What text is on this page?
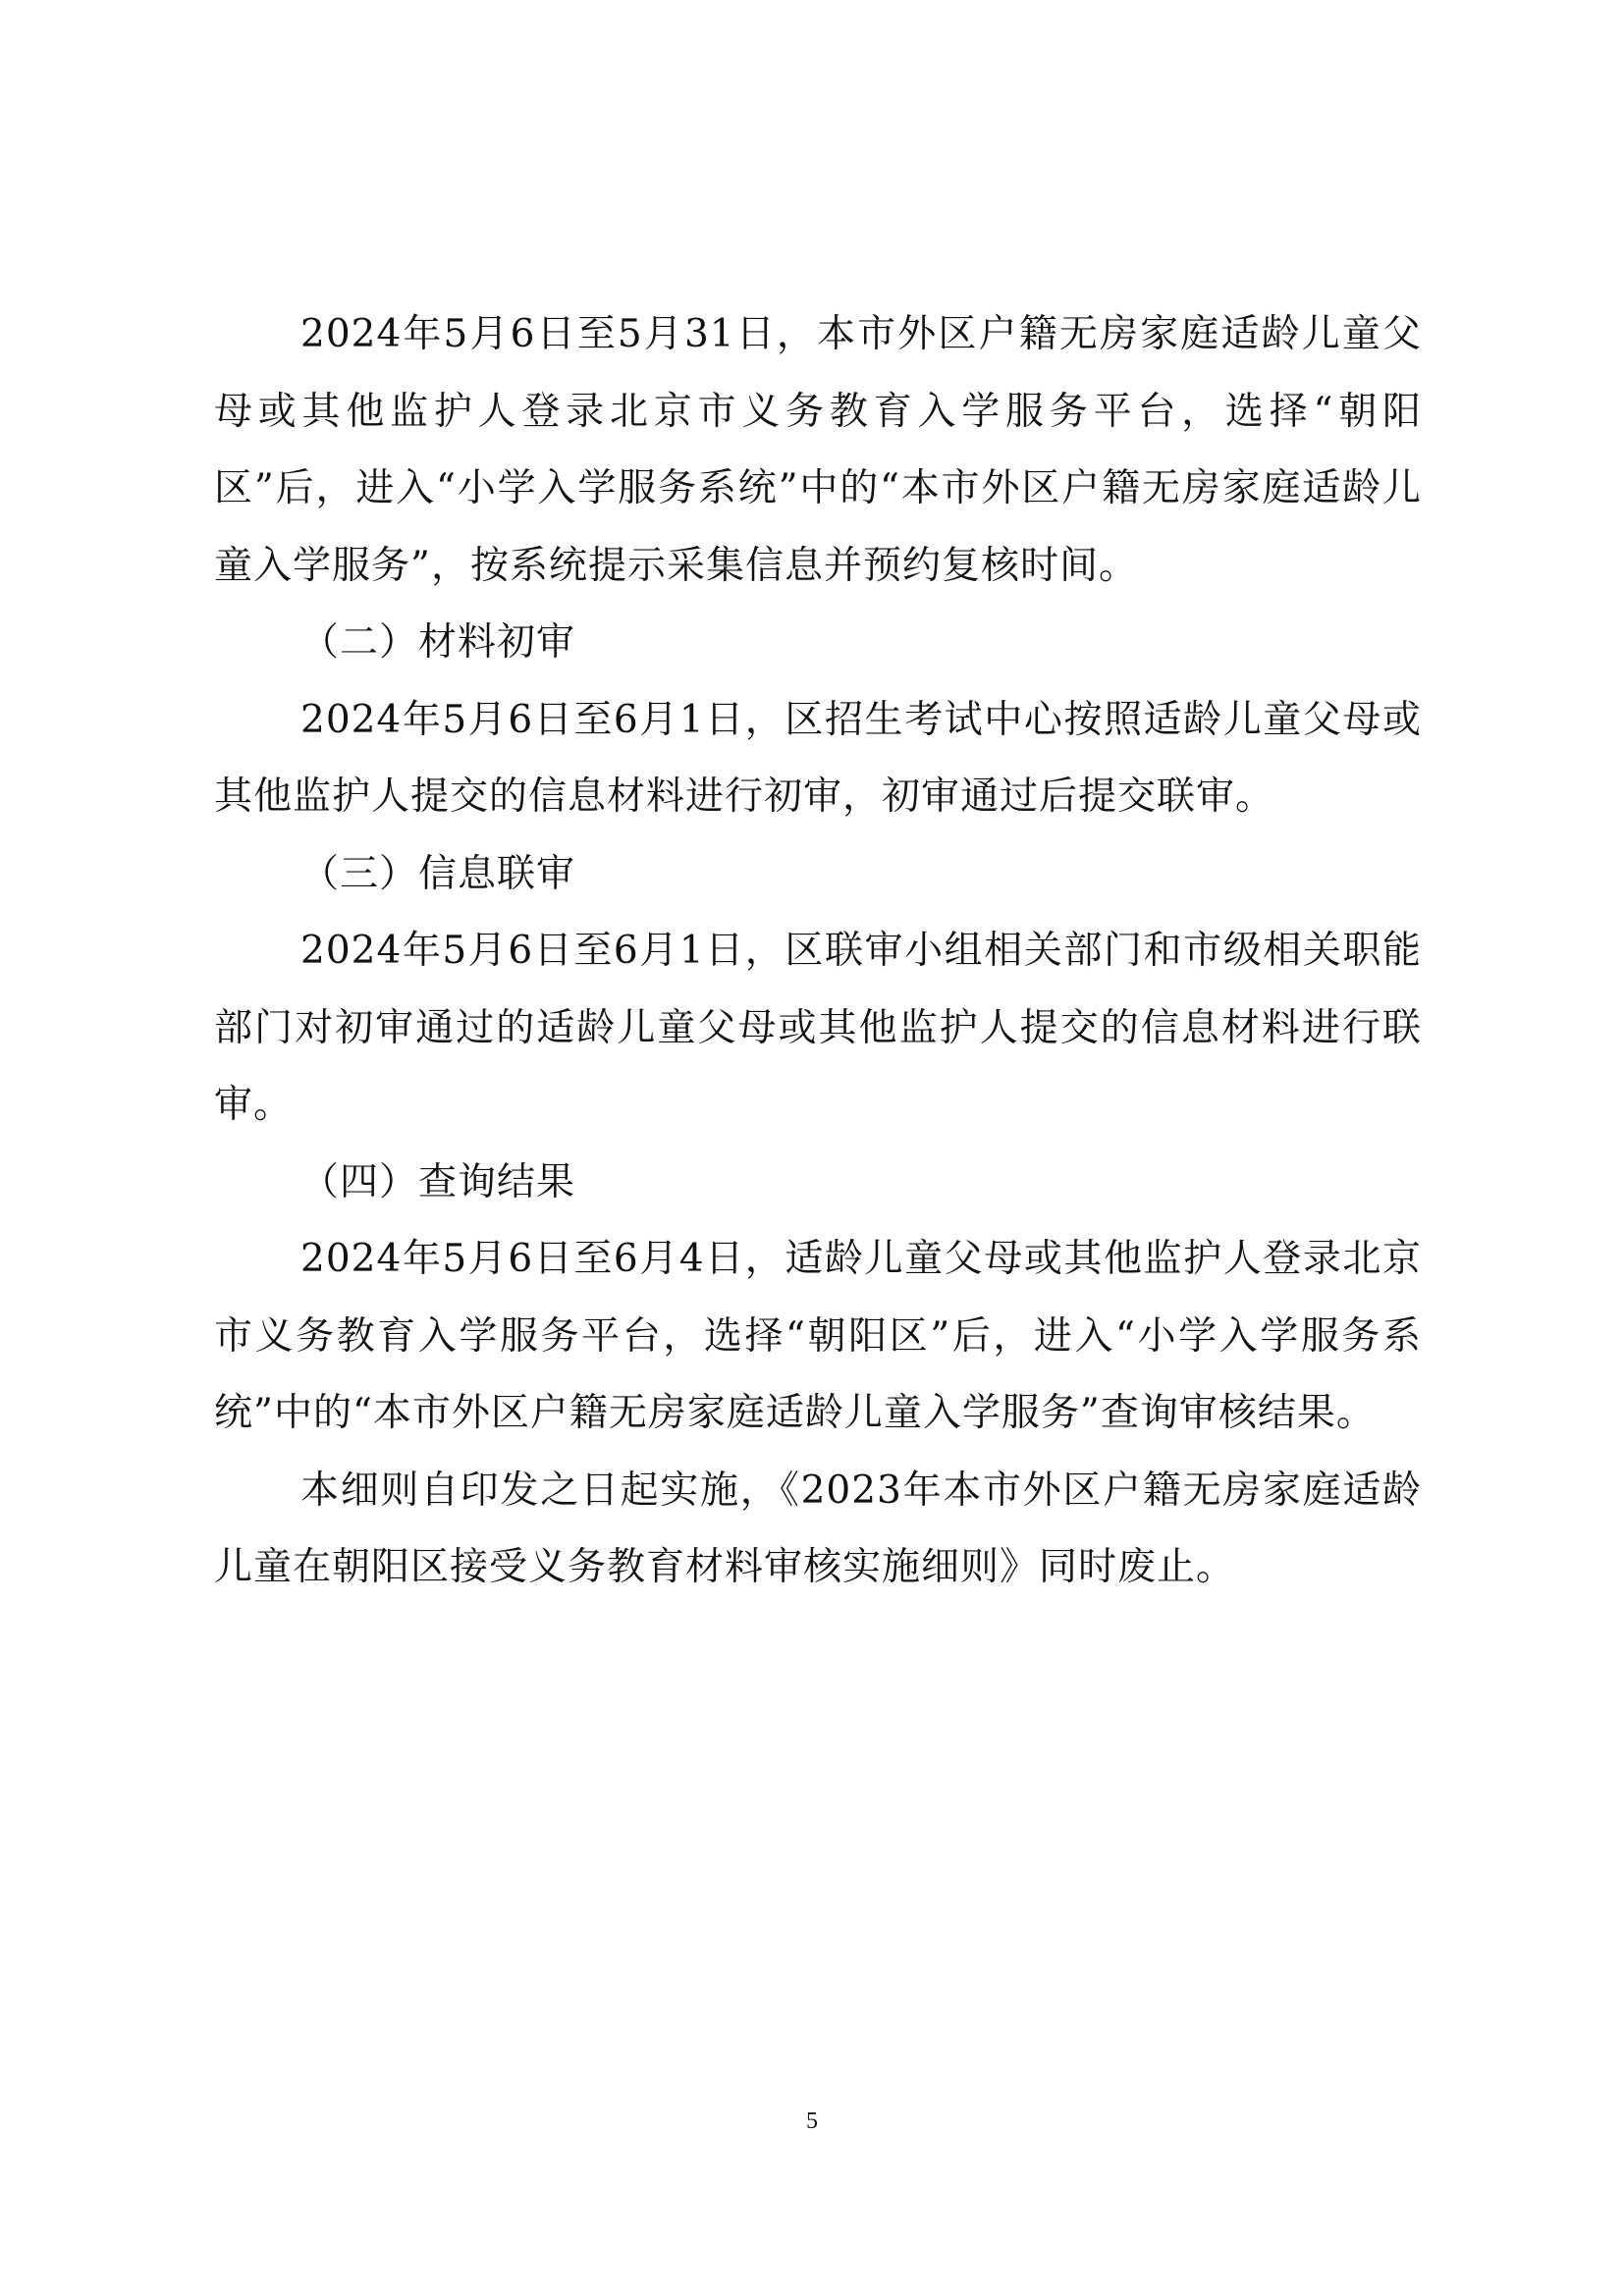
2024年5月6日至5月31日，本市外区户籍无房家庭适龄儿童父母或其他监护人登录北京市义务教育入学服务平台，选择“朝阳区”后，进入“小学入学服务系统”中的“本市外区户籍无房家庭适龄儿童入学服务”，按系统提示采集信息并预约复核时间。

（二）材料初审

2024年5月6日至6月1日，区招生考试中心按照适龄儿童父母或其他监护人提交的信息材料进行初审，初审通过后提交联审。

（三）信息联审

2024年5月6日至6月1日，区联审小组相关部门和市级相关职能部门对初审通过的适龄儿童父母或其他监护人提交的信息材料进行联审。

（四）查询结果

2024年5月6日至6月4日，适龄儿童父母或其他监护人登录北京市义务教育入学服务平台，选择“朝阳区”后，进入“小学入学服务系统”中的“本市外区户籍无房家庭适龄儿童入学服务”查询审核结果。

本细则自印发之日起实施，《2023年本市外区户籍无房家庭适龄儿童在朝阳区接受义务教育材料审核实施细则》同时废止。

5
